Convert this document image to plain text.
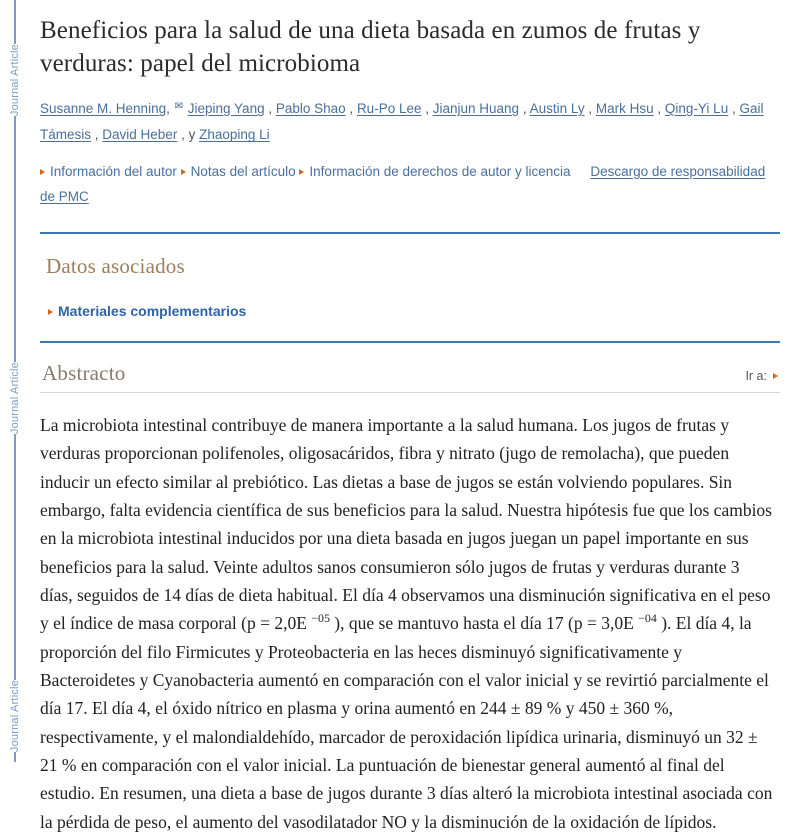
Journal Article
Journal Article
Journal Article
Beneficios para la salud de una dieta basada en zumos de frutas y verduras: papel del microbioma
Susanne M. Henning, ✉ Jieping Yang , Pablo Shao , Ru-Po Lee , Jianjun Huang , Austin Ly , Mark Hsu , Qing-Yi Lu , Gail Támesis , David Heber , y Zhaoping Li
Información del autor Notas del artículo Información de derechos de autor y licencia Descargo de responsabilidad de PMC
Datos asociados
Materiales complementarios
Abstracto	Ir a:

La microbiota intestinal contribuye de manera importante a la salud humana. Los jugos de frutas y verduras proporcionan polifenoles, oligosacáridos, fibra y nitrato (jugo de remolacha), que pueden inducir un efecto similar al prebiótico. Las dietas a base de jugos se están volviendo populares. Sin embargo, falta evidencia científica de sus beneficios para la salud. Nuestra hipótesis fue que los cambios en la microbiota intestinal inducidos por una dieta basada en jugos juegan un papel importante en sus beneficios para la salud. Veinte adultos sanos consumieron sólo jugos de frutas y verduras durante 3 días, seguidos de 14 días de dieta habitual. El día 4 observamos una disminución significativa en el peso y el índice de masa corporal (p = 2,0E $^{-05}$ ), que se mantuvo hasta el día 17 (p = 3,0E $^{-04}$ ). El día 4, la proporción del filo Firmicutes y Proteobacteria en las heces disminuyó significativamente y Bacteroidetes y Cyanobacteria aumentó en comparación con el valor inicial y se revirtió parcialmente el día 17. El día 4, el óxido nítrico en plasma y orina aumentó en 244 ± 89 % y 450 ± 360 %, respectivamente, y el malondialdehído, marcador de peroxidación lipídica urinaria, disminuyó un 32 ± 21 % en comparación con el valor inicial. La puntuación de bienestar general aumentó al final del estudio. En resumen, una dieta a base de jugos durante 3 días alteró la microbiota intestinal asociada con la pérdida de peso, el aumento del vasodilatador NO y la disminución de la oxidación de lípidos.
